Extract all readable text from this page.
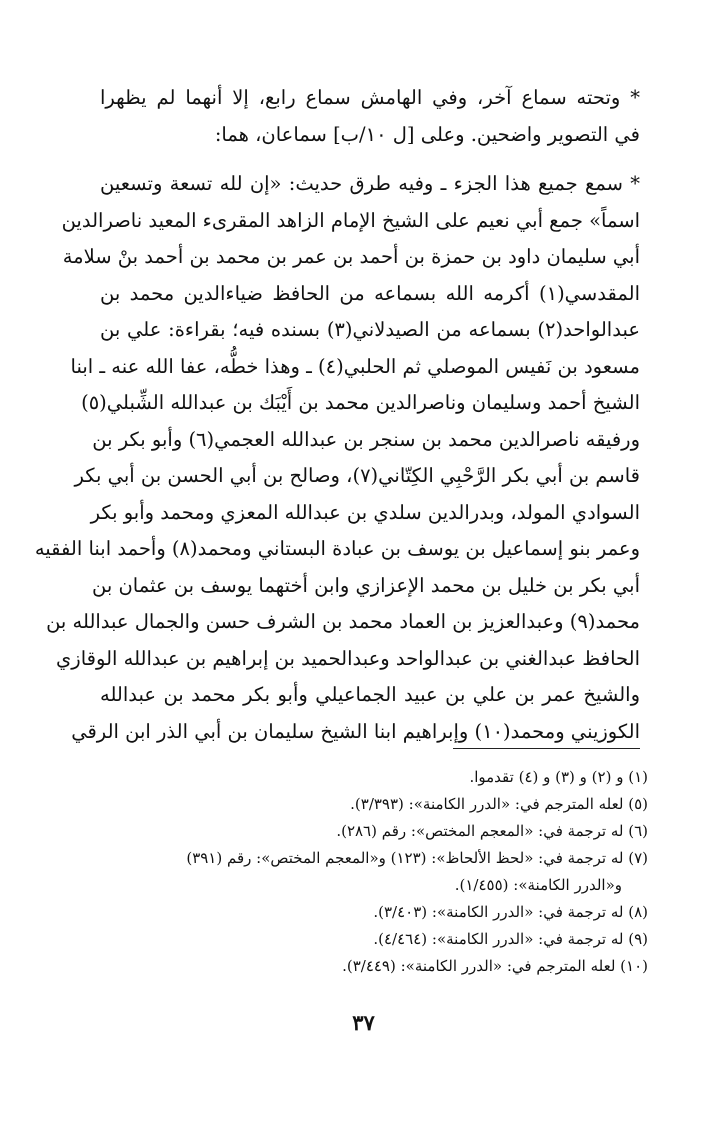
* وتحته سماع آخر، وفي الهامش سماع رابع، إلا أنهما لم يظهرا
في التصوير واضحين. وعلى [ل ١٠/ب] سماعان، هما:

* سمع جميع هذا الجزء ـ وفيه طرق حديث: «إن لله تسعة وتسعين
اسماً» جمع أبي نعيم على الشيخ الإمام الزاهد المقرىء المعيد ناصرالدين
أبي سليمان داود بن حمزة بن أحمد بن عمر بن محمد بن أحمد بنْ سلامة
المقدسي(١) أكرمه الله بسماعه من الحافظ ضياءالدين محمد بن
عبدالواحد(٢) بسماعه من الصيدلاني(٣) بسنده فيه؛ بقراءة: علي بن
مسعود بن نَفيس الموصلي ثم الحلبي(٤) ـ وهذا خطُّه، عفا الله عنه ـ ابنا
الشيخ أحمد وسليمان وناصرالدين محمد بن أَيْبَك بن عبدالله الشِّبلي(٥)
ورفيقه ناصرالدين محمد بن سنجر بن عبدالله العجمي(٦) وأبو بكر بن
قاسم بن أبي بكر الرَّحْبِي الكِتّاني(٧)، وصالح بن أبي الحسن بن أبي بكر
السوادي المولد، وبدرالدين سلدي بن عبدالله المعزي ومحمد وأبو بكر
وعمر بنو إسماعيل بن يوسف بن عبادة البستاني ومحمد(٨) وأحمد ابنا الفقيه
أبي بكر بن خليل بن محمد الإعزازي وابن أختهما يوسف بن عثمان بن
محمد(٩) وعبدالعزيز بن العماد محمد بن الشرف حسن والجمال عبدالله بن
الحافظ عبدالغني بن عبدالواحد وعبدالحميد بن إبراهيم بن عبدالله الوقازي
والشيخ عمر بن علي بن عبيد الجماعيلي وأبو بكر محمد بن عبدالله
الكوزيني ومحمد(١٠) وإبراهيم ابنا الشيخ سليمان بن أبي الذر ابن الرقي

(١) و (٢) و (٣) و (٤) تقدموا.
(٥) لعله المترجم في: «الدرر الكامنة»: (٣/٣٩٣).
(٦) له ترجمة في: «المعجم المختص»: رقم (٢٨٦).
(٧) له ترجمة في: «لحظ الألحاظ»: (١٢٣) و«المعجم المختص»: رقم (٣٩١)
و«الدرر الكامنة»: (١/٤٥٥).
(٨) له ترجمة في: «الدرر الكامنة»: (٣/٤٠٣).
(٩) له ترجمة في: «الدرر الكامنة»: (٤/٤٦٤).
(١٠) لعله المترجم في: «الدرر الكامنة»: (٣/٤٤٩).
٣٧
